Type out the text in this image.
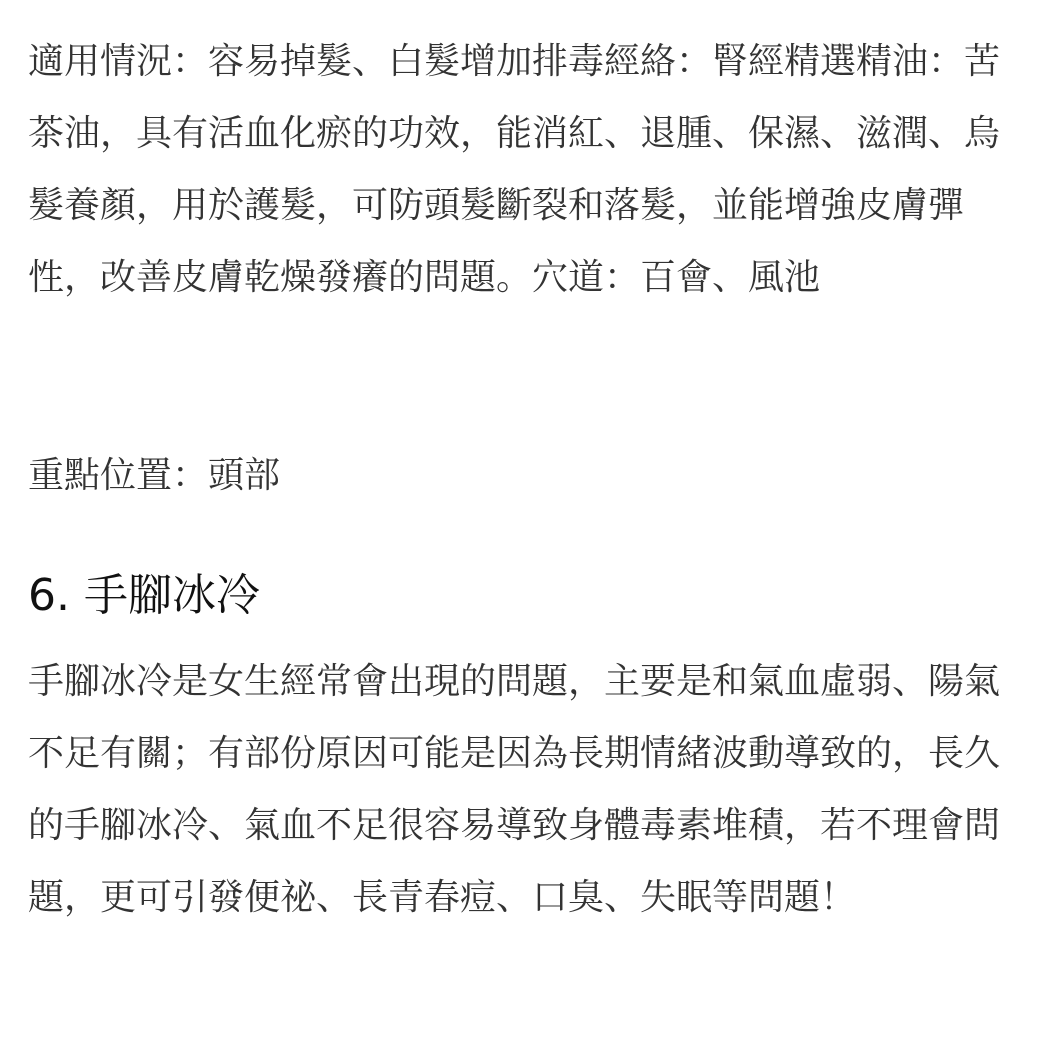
適用情況：容易掉髮、白髮增加排毒經絡：腎經精選精油：苦茶油，具有活血化瘀的功效，能消紅、退腫、保濕、滋潤、烏髮養顏，用於護髮，可防頭髮斷裂和落髮，並能增強皮膚彈性，改善皮膚乾燥發癢的問題。穴道：百會、風池

重點位置：頭部

6. 手腳冰冷

手腳冰冷是女生經常會出現的問題，主要是和氣血虛弱、陽氣不足有關；有部份原因可能是因為長期情緒波動導致的，長久的手腳冰冷、氣血不足很容易導致身體毒素堆積，若不理會問題，更可引發便祕、長青春痘、口臭、失眠等問題！
